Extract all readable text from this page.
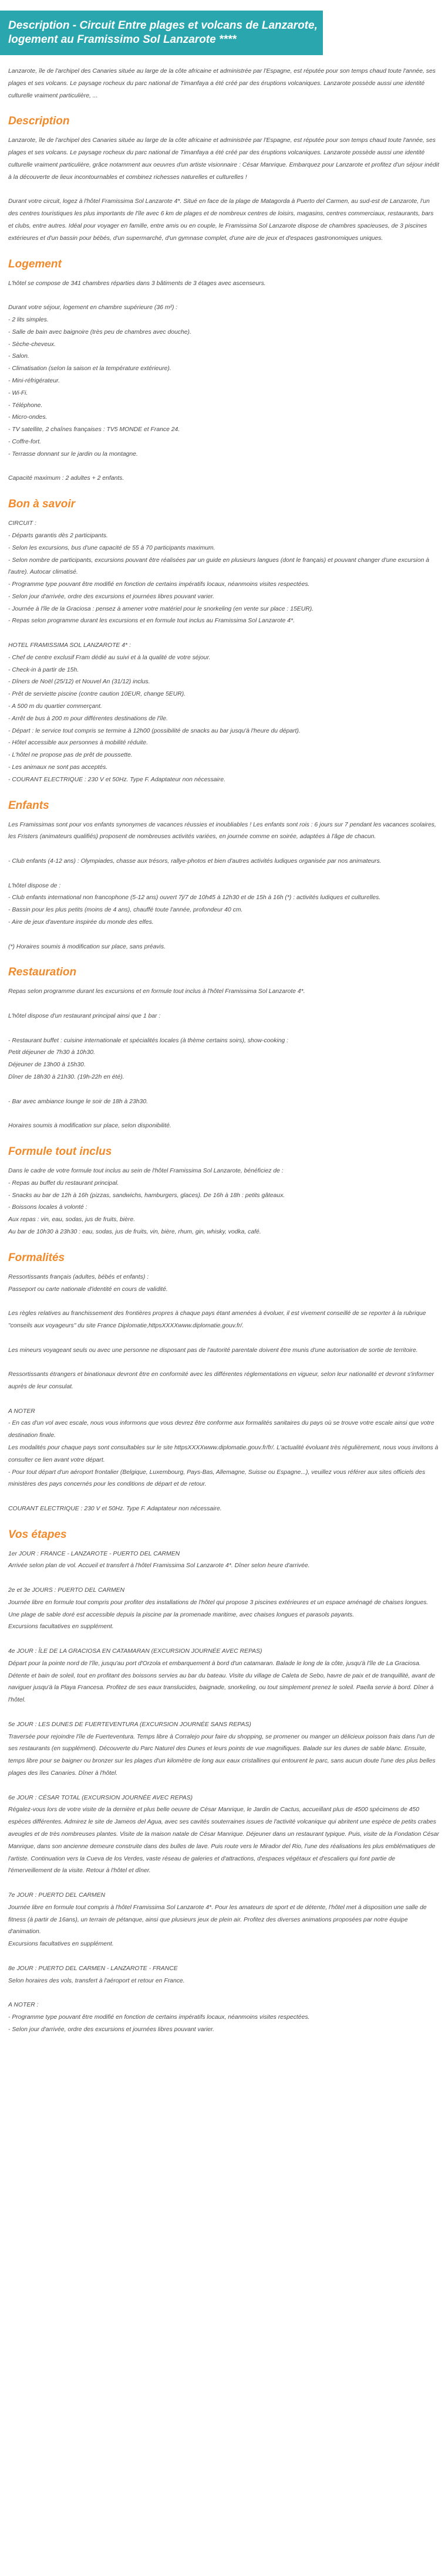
Description - Circuit Entre plages et volcans de Lanzarote, logement au Framissimo Sol Lanzarote ****
Lanzarote, île de l'archipel des Canaries située au large de la côte africaine et administrée par l'Espagne, est réputée pour son temps chaud toute l'année, ses plages et ses volcans. Le paysage rocheux du parc national de Timanfaya a été créé par des éruptions volcaniques. Lanzarote possède aussi une identité culturelle vraiment particulière, ...
Description
Lanzarote, île de l'archipel des Canaries située au large de la côte africaine et administrée par l'Espagne, est réputée pour son temps chaud toute l'année, ses plages et ses volcans. Le paysage rocheux du parc national de Timanfaya a été créé par des éruptions volcaniques. Lanzarote possède aussi une identité culturelle vraiment particulière, grâce notamment aux oeuvres d'un artiste visionnaire : César Manrique. Embarquez pour Lanzarote et profitez d'un séjour inédit à la découverte de lieux incontournables et combinez richesses naturelles et culturelles !
Durant votre circuit, logez à l'hôtel Framissima Sol Lanzarote 4*. Situé en face de la plage de Matagorda à Puerto del Carmen, au sud-est de Lanzarote, l'un des centres touristiques les plus importants de l'île avec 6 km de plages et de nombreux centres de loisirs, magasins, centres commerciaux, restaurants, bars et clubs, entre autres. Idéal pour voyager en famille, entre amis ou en couple, le Framissima Sol Lanzarote dispose de chambres spacieuses, de 3 piscines extérieures et d'un bassin pour bébés, d'un supermarché, d'un gymnase complet, d'une aire de jeux et d'espaces gastronomiques uniques.
Logement
L'hôtel se compose de 341 chambres réparties dans 3 bâtiments de 3 étages avec ascenseurs.
Durant votre séjour, logement en chambre supérieure (36 m²) :
- 2 lits simples.
- Salle de bain avec baignoire (très peu de chambres avec douche).
- Sèche-cheveux.
- Salon.
- Climatisation (selon la saison et la température extérieure).
- Mini-réfrigérateur.
- Wi-Fi.
- Téléphone.
- Micro-ondes.
- TV satellite, 2 chaînes françaises : TV5 MONDE et France 24.
- Coffre-fort.
- Terrasse donnant sur le jardin ou la montagne.
Capacité maximum : 2 adultes + 2 enfants.
Bon à savoir
CIRCUIT :
- Départs garantis dès 2 participants.
- Selon les excursions, bus d'une capacité de 55 à 70 participants maximum.
- Selon nombre de participants, excursions pouvant être réalisées par un guide en plusieurs langues (dont le français) et pouvant changer d'une excursion à l'autre). Autocar climatisé.
- Programme type pouvant être modifié en fonction de certains impératifs locaux, néanmoins visites respectées.
- Selon jour d'arrivée, ordre des excursions et journées libres pouvant varier.
- Journée à l'île de la Graciosa : pensez à amener votre matériel pour le snorkeling (en vente sur place : 15EUR).
- Repas selon programme durant les excursions et en formule tout inclus au Framissima Sol Lanzarote 4*.
HOTEL FRAMISSIMA SOL LANZAROTE 4* :
- Chef de centre exclusif Fram dédié au suivi et à la qualité de votre séjour.
- Check-in à partir de 15h.
- Dîners de Noël (25/12) et Nouvel An (31/12) inclus.
- Prêt de serviette piscine (contre caution 10EUR, change 5EUR).
- A 500 m du quartier commerçant.
- Arrêt de bus à 200 m pour différentes destinations de l'île.
- Départ : le service tout compris se termine à 12h00 (possibilité de snacks au bar jusqu'à l'heure du départ).
- Hôtel accessible aux personnes à mobilité réduite.
- L'hôtel ne propose pas de prêt de poussette.
- Les animaux ne sont pas acceptés.
- COURANT ELECTRIQUE : 230 V et 50Hz. Type F. Adaptateur non nécessaire.
Enfants
Les Framissimas sont pour vos enfants synonymes de vacances réussies et inoubliables ! Les enfants sont rois : 6 jours sur 7 pendant les vacances scolaires, les Fristers (animateurs qualifiés) proposent de nombreuses activités variées, en journée comme en soirée, adaptées à l'âge de chacun.
- Club enfants (4-12 ans) : Olympiades, chasse aux trésors, rallye-photos et bien d'autres activités ludiques organisée par nos animateurs.
L'hôtel dispose de :
- Club enfants international non francophone (5-12 ans) ouvert 7j/7 de 10h45 à 12h30 et de 15h à 16h (*) : activités ludiques et culturelles.
- Bassin pour les plus petits (moins de 4 ans), chauffé toute l'année, profondeur 40 cm.
- Aire de jeux d'aventure inspirée du monde des elfes.
(*) Horaires soumis à modification sur place, sans préavis.
Restauration
Repas selon programme durant les excursions et en formule tout inclus à l'hôtel Framissima Sol Lanzarote 4*.
L'hôtel dispose d'un restaurant principal ainsi que 1 bar :
- Restaurant buffet : cuisine internationale et spécialités locales (à thème certains soirs), show-cooking :
Petit déjeuner de 7h30 à 10h30.
Déjeuner de 13h00 à 15h30.
Dîner de 18h30 à 21h30. (19h-22h en été).
- Bar avec ambiance lounge le soir de 18h à 23h30.
Horaires soumis à modification sur place, selon disponibilité.
Formule tout inclus
Dans le cadre de votre formule tout inclus au sein de l'hôtel Framissima Sol Lanzarote, bénéficiez de :
- Repas au buffet du restaurant principal.
- Snacks au bar de 12h à 16h (pizzas, sandwichs, hamburgers, glaces). De 16h à 18h : petits gâteaux.
- Boissons locales à volonté :
Aux repas : vin, eau, sodas, jus de fruits, bière.
Au bar de 10h30 à 23h30 : eau, sodas, jus de fruits, vin, bière, rhum, gin, whisky, vodka, café.
Formalités
Ressortissants français (adultes, bébés et enfants) :
Passeport ou carte nationale d'identité en cours de validité.
Les règles relatives au franchissement des frontières propres à chaque pays étant amenées à évoluer, il est vivement conseillé de se reporter à la rubrique "conseils aux voyageurs" du site France Diplomatie,httpsXXXXwww.diplomatie.gouv.fr/.
Les mineurs voyageant seuls ou avec une personne ne disposant pas de l'autorité parentale doivent être munis d'une autorisation de sortie de territoire.
Ressortissants étrangers et binationaux devront être en conformité avec les différentes réglementations en vigueur, selon leur nationalité et devront s'informer auprès de leur consulat.
A NOTER
- En cas d'un vol avec escale, nous vous informons que vous devrez être conforme aux formalités sanitaires du pays où se trouve votre escale ainsi que votre destination finale.
Les modalités pour chaque pays sont consultables sur le site httpsXXXXwww.diplomatie.gouv.fr/fr/. L'actualité évoluant très régulièrement, nous vous invitons à consulter ce lien avant votre départ.
- Pour tout départ d'un aéroport frontalier (Belgique, Luxembourg, Pays-Bas, Allemagne, Suisse ou Espagne...), veuillez vous référer aux sites officiels des ministères des pays concernés pour les conditions de départ et de retour.
COURANT ELECTRIQUE : 230 V et 50Hz. Type F. Adaptateur non nécessaire.
Vos étapes
1er JOUR : FRANCE - LANZAROTE - PUERTO DEL CARMEN
Arrivée selon plan de vol. Accueil et transfert à l'hôtel Framissima Sol Lanzarote 4*. Dîner selon heure d'arrivée.
2e et 3e JOURS : PUERTO DEL CARMEN
Journée libre en formule tout compris pour profiter des installations de l'hôtel qui propose 3 piscines extérieures et un espace aménagé de chaises longues. Une plage de sable doré est accessible depuis la piscine par la promenade maritime, avec chaises longues et parasols payants.
Excursions facultatives en supplément.
4e JOUR : ÎLE DE LA GRACIOSA EN CATAMARAN (EXCURSION JOURNÉE AVEC REPAS)
Départ pour la pointe nord de l'île, jusqu'au port d'Orzola et embarquement à bord d'un catamaran. Balade le long de la côte, jusqu'à l'île de La Graciosa. Détente et bain de soleil, tout en profitant des boissons servies au bar du bateau. Visite du village de Caleta de Sebo, havre de paix et de tranquillité, avant de naviguer jusqu'à la Playa Francesa. Profitez de ses eaux translucides, baignade, snorkeling, ou tout simplement prenez le soleil. Paella servie à bord. Dîner à l'hôtel.
5e JOUR : LES DUNES DE FUERTEVENTURA (EXCURSION JOURNÉE SANS REPAS)
Traversée pour rejoindre l'île de Fuerteventura. Temps libre à Corralejo pour faire du shopping, se promener ou manger un délicieux poisson frais dans l'un de ses restaurants (en supplément). Découverte du Parc Naturel des Dunes et leurs points de vue magnifiques. Balade sur les dunes de sable blanc. Ensuite, temps libre pour se baigner ou bronzer sur les plages d'un kilomètre de long aux eaux cristallines qui entourent le parc, sans aucun doute l'une des plus belles plages des îles Canaries. Dîner à l'hôtel.
6e JOUR : CÉSAR TOTAL (EXCURSION JOURNÉE AVEC REPAS)
Régalez-vous lors de votre visite de la dernière et plus belle oeuvre de César Manrique, le Jardin de Cactus, accueillant plus de 4500 spécimens de 450 espèces différentes. Admirez le site de Jameos del Agua, avec ses cavités souterraines issues de l'activité volcanique qui abritent une espèce de petits crabes aveugles et de très nombreuses plantes. Visite de la maison natale de César Manrique. Déjeuner dans un restaurant typique. Puis, visite de la Fondation César Manrique, dans son ancienne demeure construite dans des bulles de lave. Puis route vers le Mirador del Rio, l'une des réalisations les plus emblématiques de l'artiste. Continuation vers la Cueva de los Verdes, vaste réseau de galeries et d'attractions, d'espaces végétaux et d'escaliers qui font partie de l'émerveillement de la visite. Retour à l'hôtel et dîner.
7e JOUR : PUERTO DEL CARMEN
Journée libre en formule tout compris à l'hôtel Framissima Sol Lanzarote 4*. Pour les amateurs de sport et de détente, l'hôtel met à disposition une salle de fitness (à partir de 16ans), un terrain de pétanque, ainsi que plusieurs jeux de plein air. Profitez des diverses animations proposées par notre équipe d'animation.
Excursions facultatives en supplément.
8e JOUR : PUERTO DEL CARMEN - LANZAROTE - FRANCE
Selon horaires des vols, transfert à l'aéroport et retour en France.
A NOTER :
- Programme type pouvant être modifié en fonction de certains impératifs locaux, néanmoins visites respectées.
- Selon jour d'arrivée, ordre des excursions et journées libres pouvant varier.
